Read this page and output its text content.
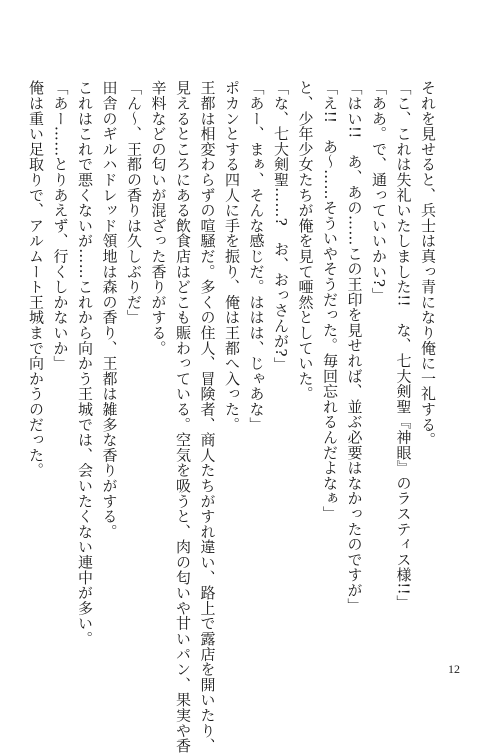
それを見せると、兵士は真っ青になり俺に一礼する。
「こ、これは失礼いたしました!!　な、七大剣聖『神眼』のラスティス様!!」
「ああ。で、通っていいかい?」
「はい!!　あ、あの……この王印を見せれば、並ぶ必要はなかったのですが」
「え!!　あ～……そういやそうだった。毎回忘れるんだよなぁ」
と、少年少女たちが俺を見て唖然としていた。
「な、七大剣聖……?　お、おっさんが?」
「あー、まぁ、そんな感じだ。ははは、じゃあな」
ポカンとする四人に手を振り、俺は王都へ入った。
王都は相変わらずの喧騒だ。多くの住人、冒険者、商人たちがすれ違い、路上で露店を開いたり、
見えるところにある飲食店はどこも賑わっている。空気を吸うと、肉の匂いや甘いパン、果実や香
辛料などの匂いが混ざった香りがする。
「ん～、王都の香りは久しぶりだ」
田舎のギルハドレッド領地は森の香り、王都は雑多な香りがする。
これはこれで悪くないが……これから向かう王城では、会いたくない連中が多い。
「あー……とりあえず、行くしかないか」
俺は重い足取りで、アルムート王城まで向かうのだった。
12
